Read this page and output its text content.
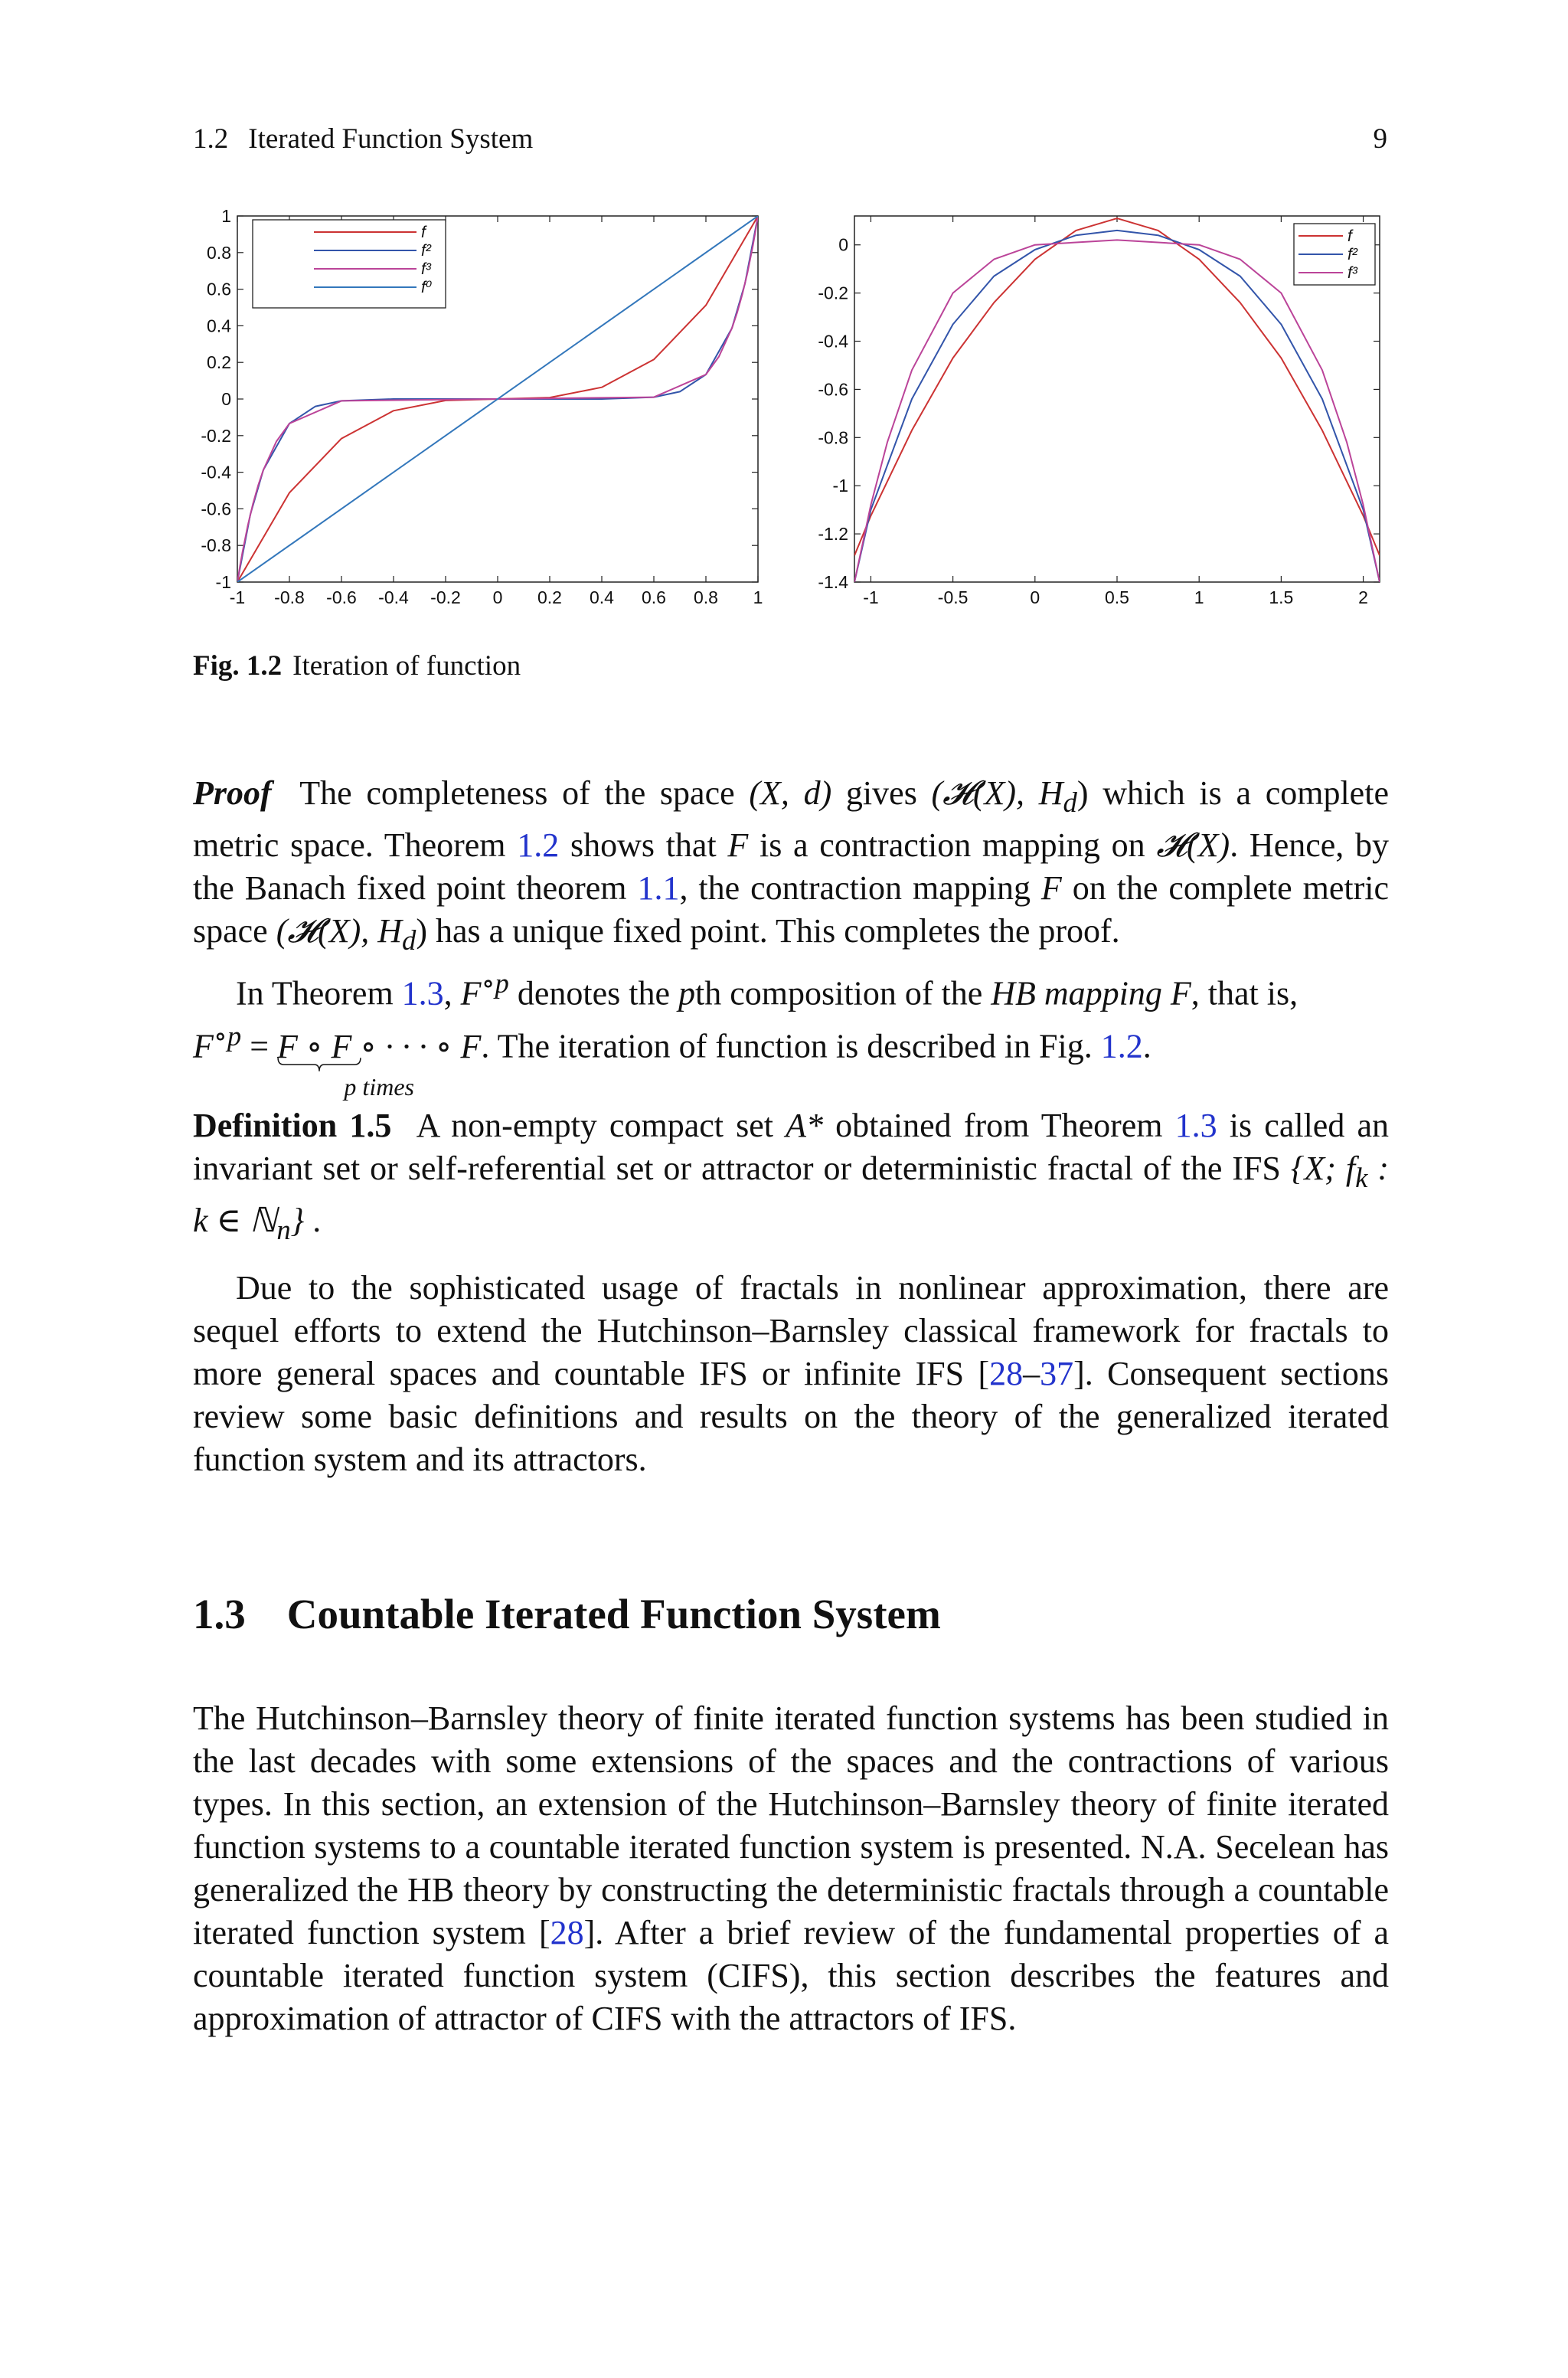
1.2 Iterated Function System	9
-1 -0.8 -0.6 -0.4 -0.2 0 0.2 0.4 0.6 0.8 1
-1
-0.8
-0.6
-0.4
-0.2
0
0.2
0.4
0.6
0.8
1
f
f²
f³
f⁰
-1	-0.5	0	0.5	1	1.5	2
0
-0.2
-0.4
-0.6
-0.8
-1
-1.2
-1.4
f
f²
f³
Fig. 1.2 Iteration of function

Proof The completeness of the space (X, d) gives (𝓗(X), $H_d$) which is a complete metric space. Theorem 1.2 shows that F is a contraction mapping on 𝓗(X). Hence, by the Banach fixed point theorem 1.1, the contraction mapping F on the complete metric space (𝓗(X), $H_d$) has a unique fixed point. This completes the proof.

In Theorem 1.3, $F^{\circ p}$ denotes the pth composition of the HB mapping F, that is,

$F^{\circ p} = F$ ∘ F ∘ · · · ∘ F
p times
. The iteration of function is described in Fig. 1.2.

Definition 1.5 A non-empty compact set A* obtained from Theorem 1.3 is called an invariant set or self-referential set or attractor or deterministic fractal of the IFS {X; $f_k$ : k ∈ ℕ$_n$} .

Due to the sophisticated usage of fractals in nonlinear approximation, there are sequel efforts to extend the Hutchinson–Barnsley classical framework for fractals to more general spaces and countable IFS or infinite IFS [28–37]. Consequent sections review some basic definitions and results on the theory of the generalized iterated function system and its attractors.

1.3 Countable Iterated Function System

The Hutchinson–Barnsley theory of finite iterated function systems has been studied in the last decades with some extensions of the spaces and the contractions of various types. In this section, an extension of the Hutchinson–Barnsley theory of finite iterated function systems to a countable iterated function system is presented. N.A. Secelean has generalized the HB theory by constructing the deterministic fractals through a countable iterated function system [28]. After a brief review of the fundamental properties of a countable iterated function system (CIFS), this section describes the features and approximation of attractor of CIFS with the attractors of IFS.
